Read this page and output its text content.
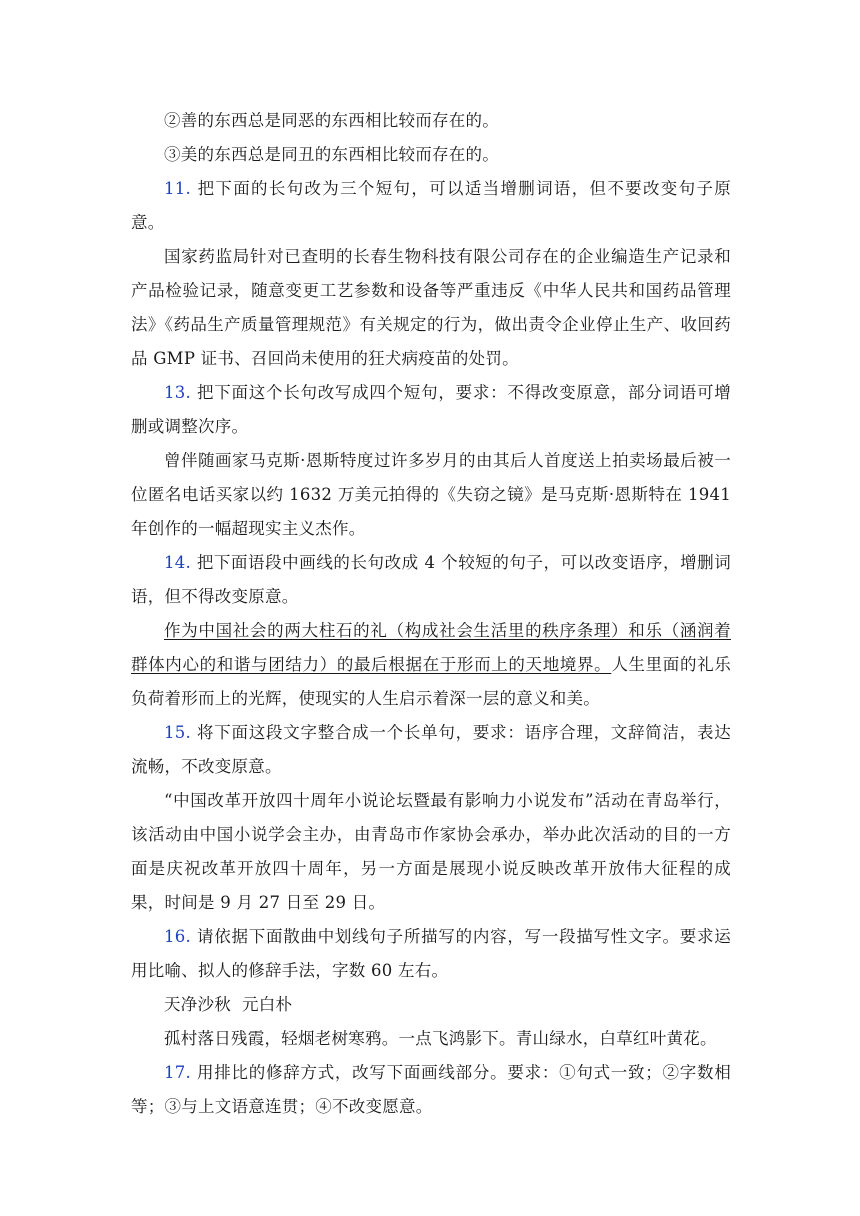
②善的东西总是同恶的东西相比较而存在的。

③美的东西总是同丑的东西相比较而存在的。

11. 把下面的长句改为三个短句，可以适当增删词语，但不要改变句子原意。

国家药监局针对已查明的长春生物科技有限公司存在的企业编造生产记录和产品检验记录，随意变更工艺参数和设备等严重违反《中华人民共和国药品管理法》《药品生产质量管理规范》有关规定的行为，做出责令企业停止生产、收回药品 GMP 证书、召回尚未使用的狂犬病疫苗的处罚。

13. 把下面这个长句改写成四个短句，要求：不得改变原意，部分词语可增删或调整次序。

曾伴随画家马克斯·恩斯特度过许多岁月的由其后人首度送上拍卖场最后被一位匿名电话买家以约 1632 万美元拍得的《失窃之镜》是马克斯·恩斯特在 1941 年创作的一幅超现实主义杰作。

14. 把下面语段中画线的长句改成 4 个较短的句子，可以改变语序，增删词语，但不得改变原意。

作为中国社会的两大柱石的礼（构成社会生活里的秩序条理）和乐（涵润着群体内心的和谐与团结力）的最后根据在于形而上的天地境界。人生里面的礼乐负荷着形而上的光辉，使现实的人生启示着深一层的意义和美。

15. 将下面这段文字整合成一个长单句，要求：语序合理，文辞简洁，表达流畅，不改变原意。

“中国改革开放四十周年小说论坛暨最有影响力小说发布”活动在青岛举行，该活动由中国小说学会主办，由青岛市作家协会承办，举办此次活动的目的一方面是庆祝改革开放四十周年，另一方面是展现小说反映改革开放伟大征程的成果，时间是 9 月 27 日至 29 日。

16. 请依据下面散曲中划线句子所描写的内容，写一段描写性文字。要求运用比喻、拟人的修辞手法，字数 60 左右。

天净沙秋  元白朴

孤村落日残霞，轻烟老树寒鸦。一点飞鸿影下。青山绿水，白草红叶黄花。

17. 用排比的修辞方式，改写下面画线部分。要求：①句式一致；②字数相等；③与上文语意连贯；④不改变愿意。
